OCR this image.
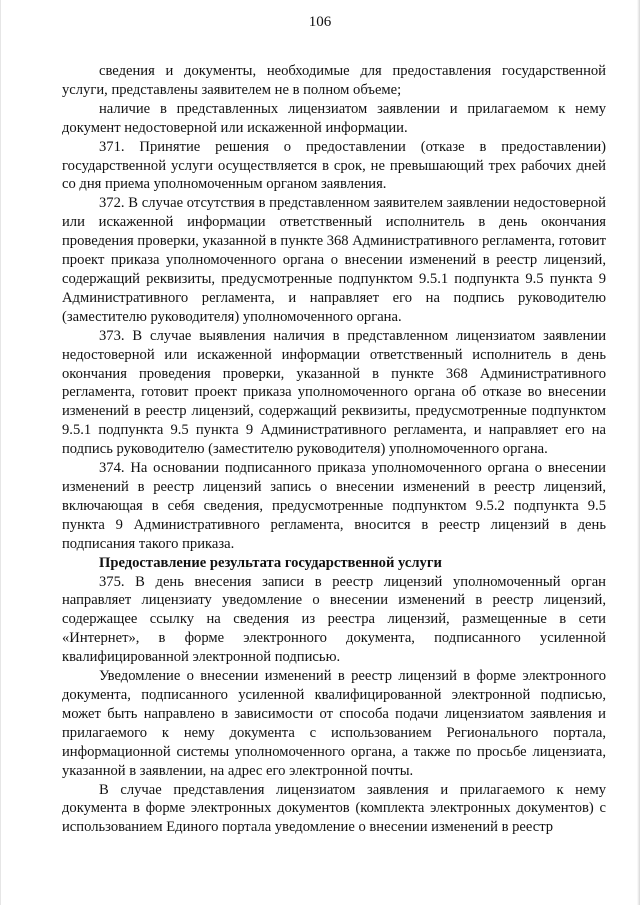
106

сведения и документы, необходимые для предоставления государственной услуги, представлены заявителем не в полном объеме;

наличие в представленных лицензиатом заявлении и прилагаемом к нему документ недостоверной или искаженной информации.

371. Принятие решения о предоставлении (отказе в предоставлении) государственной услуги осуществляется в срок, не превышающий трех рабочих дней со дня приема уполномоченным органом заявления.

372. В случае отсутствия в представленном заявителем заявлении недостоверной или искаженной информации ответственный исполнитель в день окончания проведения проверки, указанной в пункте 368 Административного регламента, готовит проект приказа уполномоченного органа о внесении изменений в реестр лицензий, содержащий реквизиты, предусмотренные подпунктом 9.5.1 подпункта 9.5 пункта 9 Административного регламента, и направляет его на подпись руководителю (заместителю руководителя) уполномоченного органа.

373. В случае выявления наличия в представленном лицензиатом заявлении недостоверной или искаженной информации ответственный исполнитель в день окончания проведения проверки, указанной в пункте 368 Административного регламента, готовит проект приказа уполномоченного органа об отказе во внесении изменений в реестр лицензий, содержащий реквизиты, предусмотренные подпунктом 9.5.1 подпункта 9.5 пункта 9 Административного регламента, и направляет его на подпись руководителю (заместителю руководителя) уполномоченного органа.

374. На основании подписанного приказа уполномоченного органа о внесении изменений в реестр лицензий запись о внесении изменений в реестр лицензий, включающая в себя сведения, предусмотренные подпунктом 9.5.2 подпункта 9.5 пункта 9 Административного регламента, вносится в реестр лицензий в день подписания такого приказа.

Предоставление результата государственной услуги

375. В день внесения записи в реестр лицензий уполномоченный орган направляет лицензиату уведомление о внесении изменений в реестр лицензий, содержащее ссылку на сведения из реестра лицензий, размещенные в сети «Интернет», в форме электронного документа, подписанного усиленной квалифицированной электронной подписью.

Уведомление о внесении изменений в реестр лицензий в форме электронного документа, подписанного усиленной квалифицированной электронной подписью, может быть направлено в зависимости от способа подачи лицензиатом заявления и прилагаемого к нему документа с использованием Регионального портала, информационной системы уполномоченного органа, а также по просьбе лицензиата, указанной в заявлении, на адрес его электронной почты.

В случае представления лицензиатом заявления и прилагаемого к нему документа в форме электронных документов (комплекта электронных документов) с использованием Единого портала уведомление о внесении изменений в реестр
